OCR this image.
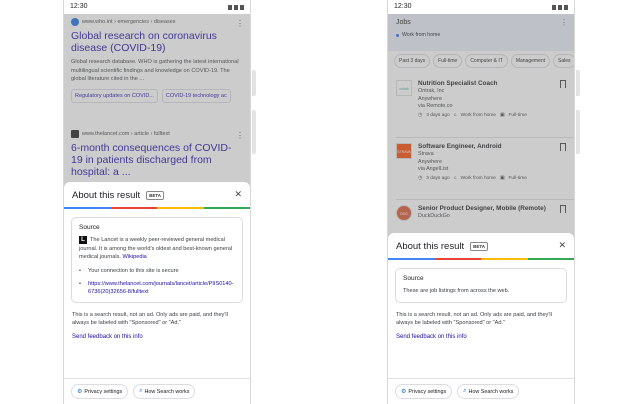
12:30
www.who.int › emergencies › diseases	⋮
Global research on coronavirus disease (COVID-19)
Global research database. WHO is gathering the latest international multilingual scientific findings and knowledge on COVID-19. The global literature cited in the ...
Regulatory updates on COVID...	COVID-19 technology ac
www.thelancet.com › article › fulltext	⋮
6-month consequences of COVID-19 in patients discharged from hospital: a ...
About this result	BETA	✕
Source
L The Lancet is a weekly peer-reviewed general medical journal. It is among the world's oldest and best-known general medical journals. Wikipedia
•	Your connection to this site is secure
•	https://www.thelancet.com/journals/lancet/article/PIIS0140-6736(20)32656-8/fulltext
This is a search result, not an ad. Only ads are paid, and they'll always be labeled with "Sponsored" or "Ad."
Send feedback on this info
⚙ Privacy settings	⌕ How Search works
12:30
Jobs	⋮
Work from home
Past 3 days	Full-time	Computer & IT	Management	Sales
ontrak
Nutrition Specialist Coach
Ontrak, Inc
Anywhere
via Remote.co
◷ 3 days ago ⌂ Work from home ▣ Full-time
STRAVA
Software Engineer, Android
Strava
Anywhere
via AngelList
◷ 3 days ago ⌂ Work from home ▣ Full-time
DDG
Senior Product Designer, Mobile (Remote)
DuckDuckGo
About this result	BETA	✕
Source
These are job listings from across the web.
This is a search result, not an ad. Only ads are paid, and they'll always be labeled with "Sponsored" or "Ad."
Send feedback on this info
⚙ Privacy settings	⌕ How Search works
